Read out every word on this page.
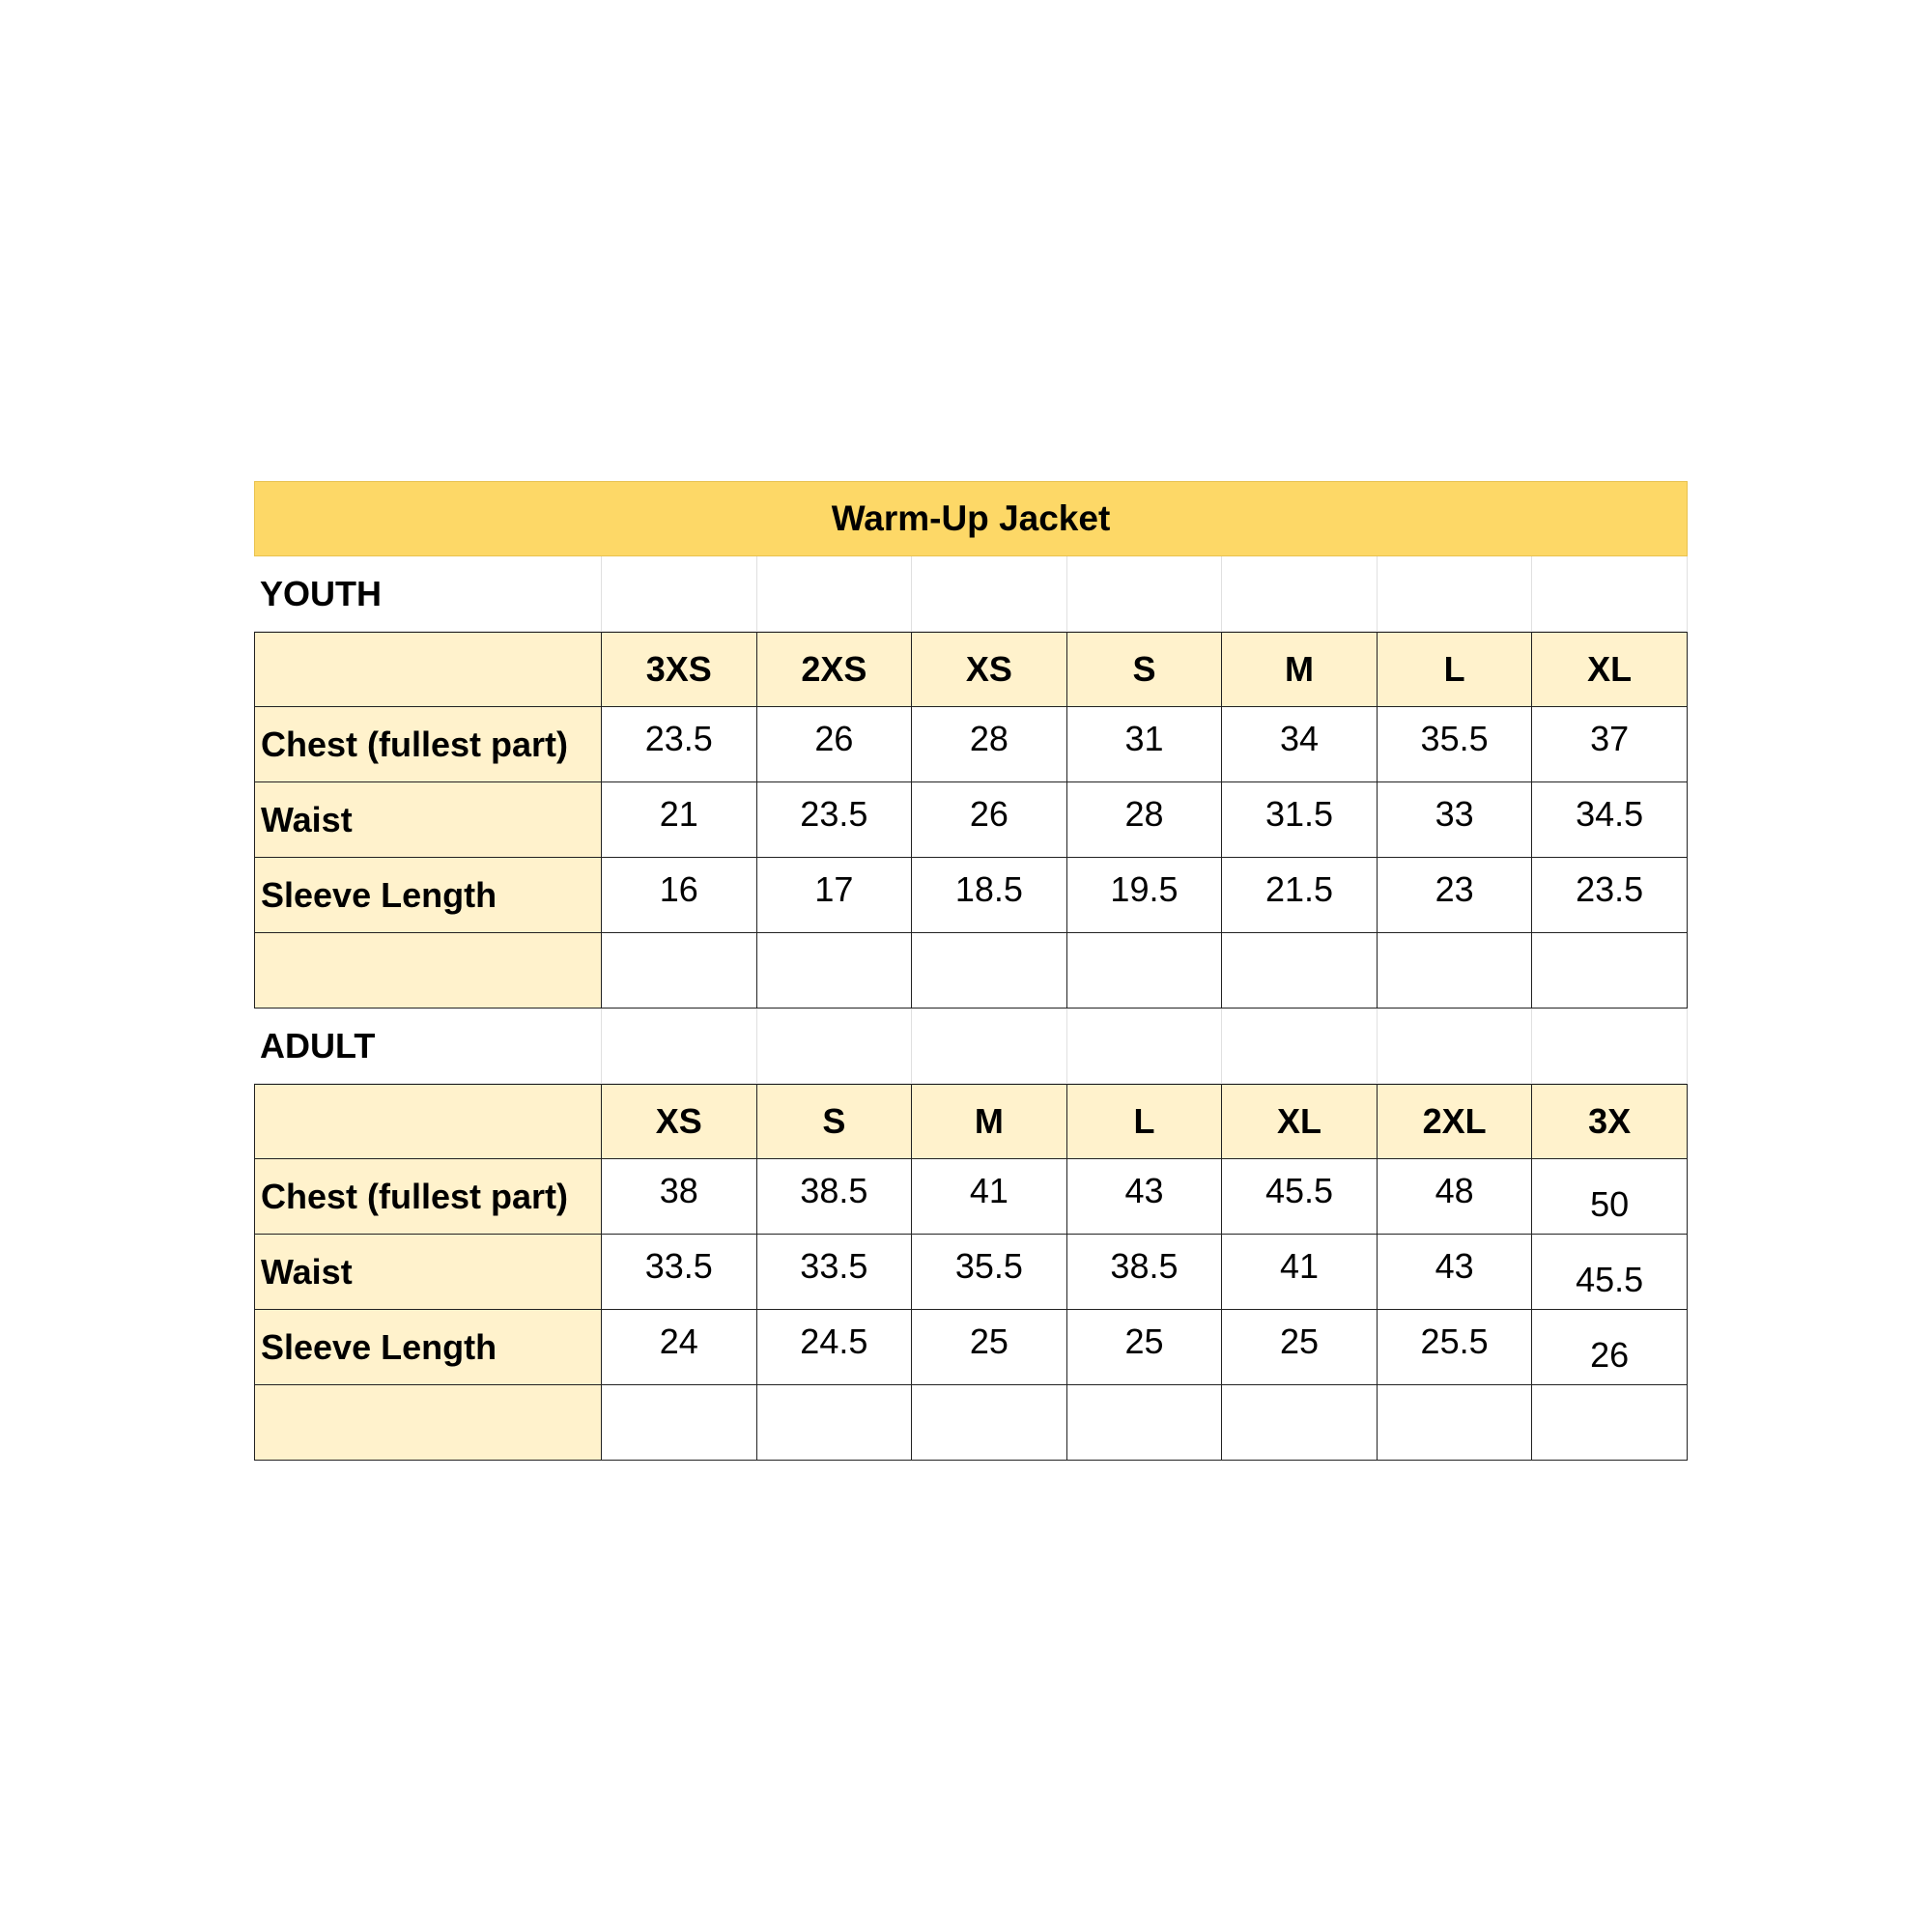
Warm-Up Jacket
YOUTH
3XS	2XS	XS	S	M	L	XL
Chest (fullest part)	23.5	26	28	31	34	35.5	37
Waist	21	23.5	26	28	31.5	33	34.5
Sleeve Length	16	17	18.5	19.5	21.5	23	23.5
ADULT
XS	S	M	L	XL	2XL	3X
Chest (fullest part)	38	38.5	41	43	45.5	48	50
Waist	33.5	33.5	35.5	38.5	41	43	45.5
Sleeve Length	24	24.5	25	25	25	25.5	26
